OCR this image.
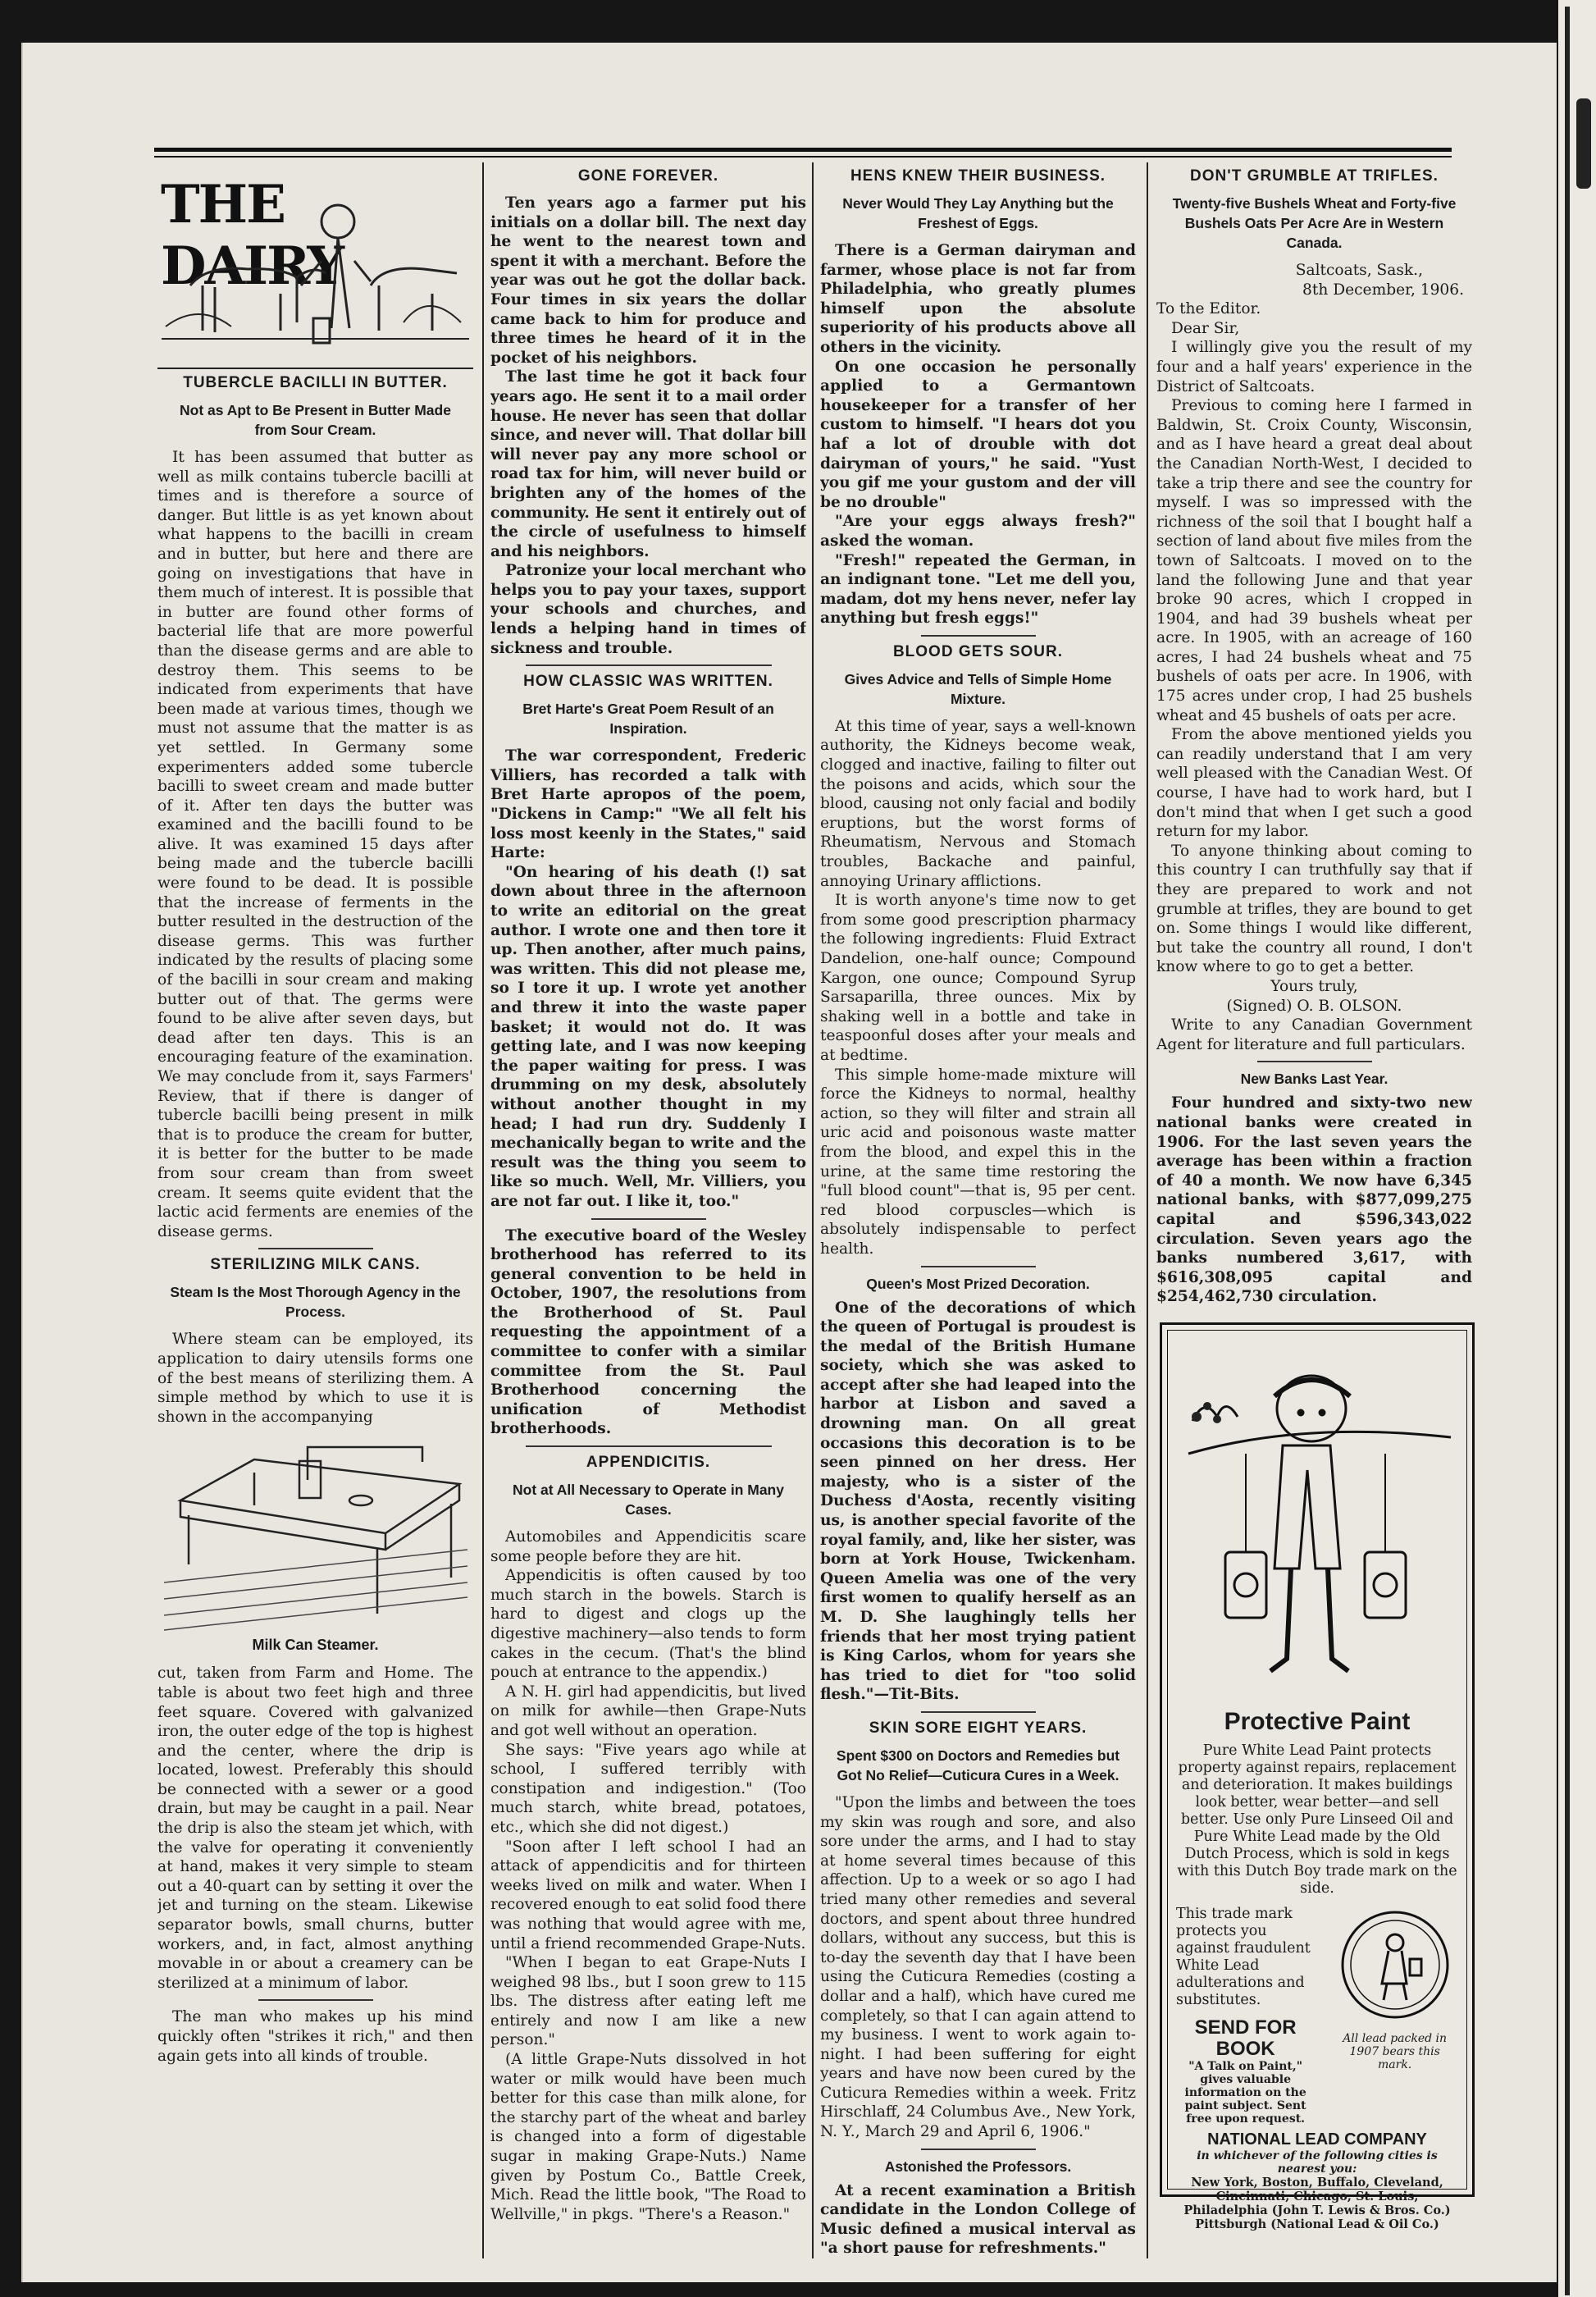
THE DAIRY
TUBERCLE BACILLI IN BUTTER.
Not as Apt to Be Present in Butter Made from Sour Cream.

It has been assumed that butter as well as milk contains tubercle bacilli at times and is therefore a source of danger. But little is as yet known about what happens to the bacilli in cream and in butter, but here and there are going on investigations that have in them much of interest. It is possible that in butter are found other forms of bacterial life that are more powerful than the disease germs and are able to destroy them. This seems to be indicated from experiments that have been made at various times, though we must not assume that the matter is as yet settled. In Germany some experimenters added some tubercle bacilli to sweet cream and made butter of it. After ten days the butter was examined and the bacilli found to be alive. It was examined 15 days after being made and the tubercle bacilli were found to be dead. It is possible that the increase of ferments in the butter resulted in the destruction of the disease germs. This was further indicated by the results of placing some of the bacilli in sour cream and making butter out of that. The germs were found to be alive after seven days, but dead after ten days. This is an encouraging feature of the examination. We may conclude from it, says Farmers' Review, that if there is danger of tubercle bacilli being present in milk that is to produce the cream for butter, it is better for the butter to be made from sour cream than from sweet cream. It seems quite evident that the lactic acid ferments are enemies of the disease germs.

STERILIZING MILK CANS.
Steam Is the Most Thorough Agency in the Process.

Where steam can be employed, its application to dairy utensils forms one of the best means of sterilizing them. A simple method by which to use it is shown in the accompanying

Milk Can Steamer.

cut, taken from Farm and Home. The table is about two feet high and three feet square. Covered with galvanized iron, the outer edge of the top is highest and the center, where the drip is located, lowest. Preferably this should be connected with a sewer or a good drain, but may be caught in a pail. Near the drip is also the steam jet which, with the valve for operating it conveniently at hand, makes it very simple to steam out a 40-quart can by setting it over the jet and turning on the steam. Likewise separator bowls, small churns, butter workers, and, in fact, almost anything movable in or about a creamery can be sterilized at a minimum of labor.

The man who makes up his mind quickly often "strikes it rich," and then again gets into all kinds of trouble.

GONE FOREVER.

Ten years ago a farmer put his initials on a dollar bill. The next day he went to the nearest town and spent it with a merchant. Before the year was out he got the dollar back. Four times in six years the dollar came back to him for produce and three times he heard of it in the pocket of his neighbors.

The last time he got it back four years ago. He sent it to a mail order house. He never has seen that dollar since, and never will. That dollar bill will never pay any more school or road tax for him, will never build or brighten any of the homes of the community. He sent it entirely out of the circle of usefulness to himself and his neighbors.

Patronize your local merchant who helps you to pay your taxes, support your schools and churches, and lends a helping hand in times of sickness and trouble.

HOW CLASSIC WAS WRITTEN.
Bret Harte's Great Poem Result of an Inspiration.

The war correspondent, Frederic Villiers, has recorded a talk with Bret Harte apropos of the poem, "Dickens in Camp:" "We all felt his loss most keenly in the States," said Harte:

"On hearing of his death (!) sat down about three in the afternoon to write an editorial on the great author. I wrote one and then tore it up. Then another, after much pains, was written. This did not please me, so I tore it up. I wrote yet another and threw it into the waste paper basket; it would not do. It was getting late, and I was now keeping the paper waiting for press. I was drumming on my desk, absolutely without another thought in my head; I had run dry. Suddenly I mechanically began to write and the result was the thing you seem to like so much. Well, Mr. Villiers, you are not far out. I like it, too."

The executive board of the Wesley brotherhood has referred to its general convention to be held in October, 1907, the resolutions from the Brotherhood of St. Paul requesting the appointment of a committee to confer with a similar committee from the St. Paul Brotherhood concerning the unification of Methodist brotherhoods.

APPENDICITIS.
Not at All Necessary to Operate in Many Cases.

Automobiles and Appendicitis scare some people before they are hit.

Appendicitis is often caused by too much starch in the bowels. Starch is hard to digest and clogs up the digestive machinery—also tends to form cakes in the cecum. (That's the blind pouch at entrance to the appendix.)

A N. H. girl had appendicitis, but lived on milk for awhile—then Grape-Nuts and got well without an operation.

She says: "Five years ago while at school, I suffered terribly with constipation and indigestion." (Too much starch, white bread, potatoes, etc., which she did not digest.)

"Soon after I left school I had an attack of appendicitis and for thirteen weeks lived on milk and water. When I recovered enough to eat solid food there was nothing that would agree with me, until a friend recommended Grape-Nuts.

"When I began to eat Grape-Nuts I weighed 98 lbs., but I soon grew to 115 lbs. The distress after eating left me entirely and now I am like a new person."

(A little Grape-Nuts dissolved in hot water or milk would have been much better for this case than milk alone, for the starchy part of the wheat and barley is changed into a form of digestable sugar in making Grape-Nuts.) Name given by Postum Co., Battle Creek, Mich. Read the little book, "The Road to Wellville," in pkgs. "There's a Reason."

HENS KNEW THEIR BUSINESS.
Never Would They Lay Anything but the Freshest of Eggs.

There is a German dairyman and farmer, whose place is not far from Philadelphia, who greatly plumes himself upon the absolute superiority of his products above all others in the vicinity.

On one occasion he personally applied to a Germantown housekeeper for a transfer of her custom to himself. "I hears dot you haf a lot of drouble with dot dairyman of yours," he said. "Yust you gif me your gustom and der vill be no drouble"

"Are your eggs always fresh?" asked the woman.

"Fresh!" repeated the German, in an indignant tone. "Let me dell you, madam, dot my hens never, nefer lay anything but fresh eggs!"

BLOOD GETS SOUR.
Gives Advice and Tells of Simple Home Mixture.

At this time of year, says a well-known authority, the Kidneys become weak, clogged and inactive, failing to filter out the poisons and acids, which sour the blood, causing not only facial and bodily eruptions, but the worst forms of Rheumatism, Nervous and Stomach troubles, Backache and painful, annoying Urinary afflictions.

It is worth anyone's time now to get from some good prescription pharmacy the following ingredients: Fluid Extract Dandelion, one-half ounce; Compound Kargon, one ounce; Compound Syrup Sarsaparilla, three ounces. Mix by shaking well in a bottle and take in teaspoonful doses after your meals and at bedtime.

This simple home-made mixture will force the Kidneys to normal, healthy action, so they will filter and strain all uric acid and poisonous waste matter from the blood, and expel this in the urine, at the same time restoring the "full blood count"—that is, 95 per cent. red blood corpuscles—which is absolutely indispensable to perfect health.

Queen's Most Prized Decoration.

One of the decorations of which the queen of Portugal is proudest is the medal of the British Humane society, which she was asked to accept after she had leaped into the harbor at Lisbon and saved a drowning man. On all great occasions this decoration is to be seen pinned on her dress. Her majesty, who is a sister of the Duchess d'Aosta, recently visiting us, is another special favorite of the royal family, and, like her sister, was born at York House, Twickenham. Queen Amelia was one of the very first women to qualify herself as an M. D. She laughingly tells her friends that her most trying patient is King Carlos, whom for years she has tried to diet for "too solid flesh."—Tit-Bits.

SKIN SORE EIGHT YEARS.
Spent $300 on Doctors and Remedies but Got No Relief—Cuticura Cures in a Week.

"Upon the limbs and between the toes my skin was rough and sore, and also sore under the arms, and I had to stay at home several times because of this affection. Up to a week or so ago I had tried many other remedies and several doctors, and spent about three hundred dollars, without any success, but this is to-day the seventh day that I have been using the Cuticura Remedies (costing a dollar and a half), which have cured me completely, so that I can again attend to my business. I went to work again to-night. I had been suffering for eight years and have now been cured by the Cuticura Remedies within a week. Fritz Hirschlaff, 24 Columbus Ave., New York, N. Y., March 29 and April 6, 1906."

Astonished the Professors.

At a recent examination a British candidate in the London College of Music defined a musical interval as "a short pause for refreshments."

DON'T GRUMBLE AT TRIFLES.
Twenty-five Bushels Wheat and Forty-five Bushels Oats Per Acre Are in Western Canada.

Saltcoats, Sask.,

8th December, 1906.

To the Editor.

Dear Sir,

I willingly give you the result of my four and a half years' experience in the District of Saltcoats.

Previous to coming here I farmed in Baldwin, St. Croix County, Wisconsin, and as I have heard a great deal about the Canadian North-West, I decided to take a trip there and see the country for myself. I was so impressed with the richness of the soil that I bought half a section of land about five miles from the town of Saltcoats. I moved on to the land the following June and that year broke 90 acres, which I cropped in 1904, and had 39 bushels wheat per acre. In 1905, with an acreage of 160 acres, I had 24 bushels wheat and 75 bushels of oats per acre. In 1906, with 175 acres under crop, I had 25 bushels wheat and 45 bushels of oats per acre.

From the above mentioned yields you can readily understand that I am very well pleased with the Canadian West. Of course, I have had to work hard, but I don't mind that when I get such a good return for my labor.

To anyone thinking about coming to this country I can truthfully say that if they are prepared to work and not grumble at trifles, they are bound to get on. Some things I would like different, but take the country all round, I don't know where to go to get a better.

Yours truly,

(Signed) O. B. OLSON.

Write to any Canadian Government Agent for literature and full particulars.

New Banks Last Year.

Four hundred and sixty-two new national banks were created in 1906. For the last seven years the average has been within a fraction of 40 a month. We now have 6,345 national banks, with $877,099,275 capital and $596,343,022 circulation. Seven years ago the banks numbered 3,617, with $616,308,095 capital and $254,462,730 circulation.

Protective Paint

Pure White Lead Paint protects property against repairs, replacement and deterioration. It makes buildings look better, wear better—and sell better. Use only Pure Linseed Oil and Pure White Lead made by the Old Dutch Process, which is sold in kegs with this Dutch Boy trade mark on the side.

This trade mark protects you against fraudulent White Lead adulterations and substitutes.

SEND FOR BOOK

"A Talk on Paint," gives valuable information on the paint subject. Sent free upon request.

All lead packed in 1907 bears this mark.

NATIONAL LEAD COMPANY

in whichever of the following cities is nearest you:

New York, Boston, Buffalo, Cleveland, Cincinnati, Chicago, St. Louis, Philadelphia (John T. Lewis & Bros. Co.) Pittsburgh (National Lead & Oil Co.)
